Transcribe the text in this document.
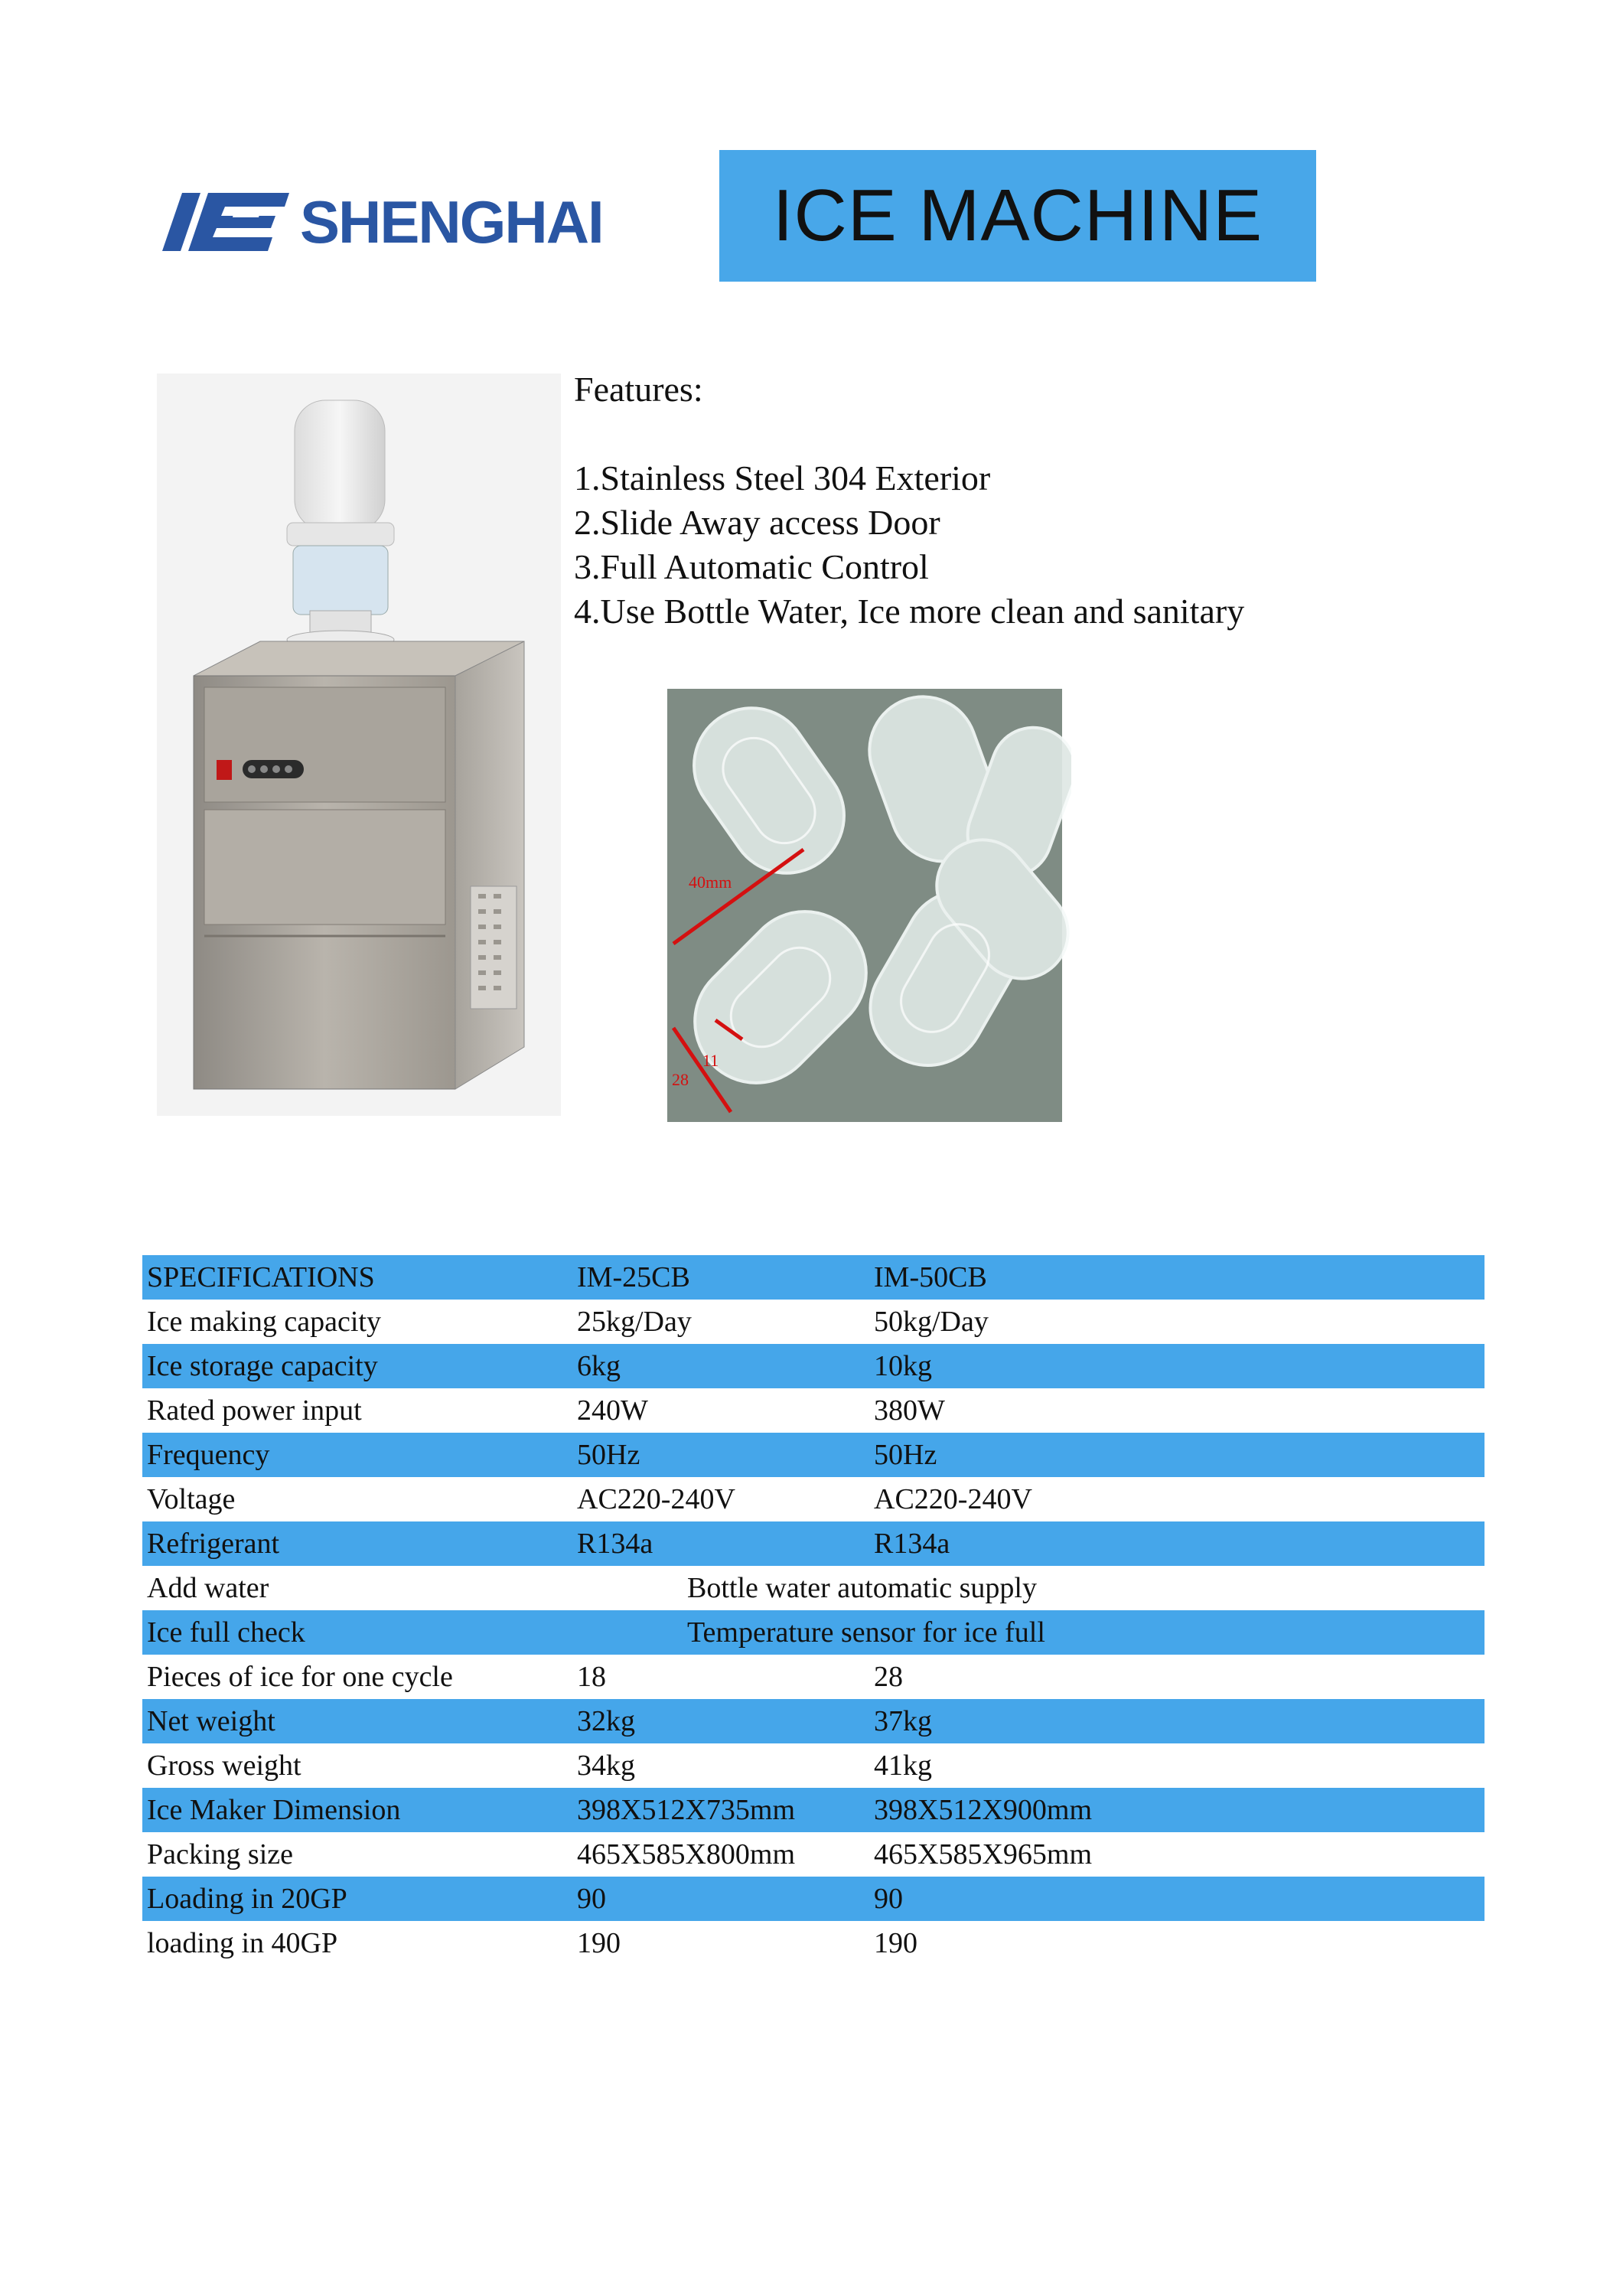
SHENGHAI ICE MACHINE

Features:

1.Stainless Steel 304 Exterior

2.Slide Away access Door

3.Full Automatic Control

4.Use Bottle Water, Ice more clean and sanitary

40mm
11
28
SPECIFICATIONS	IM-25CB	IM-50CB
Ice making capacity	25kg/Day	50kg/Day
Ice storage capacity	6kg	10kg
Rated power input	240W	380W
Frequency	50Hz	50Hz
Voltage	AC220-240V	AC220-240V
Refrigerant	R134a	R134a
Add water	Bottle water automatic supply	
Ice full check	Temperature sensor for ice full	
Pieces of ice for one cycle	18	28
Net weight	32kg	37kg
Gross weight	34kg	41kg
Ice Maker Dimension	398X512X735mm	398X512X900mm
Packing size	465X585X800mm	465X585X965mm
Loading in 20GP	90	90
loading in 40GP	190	190
